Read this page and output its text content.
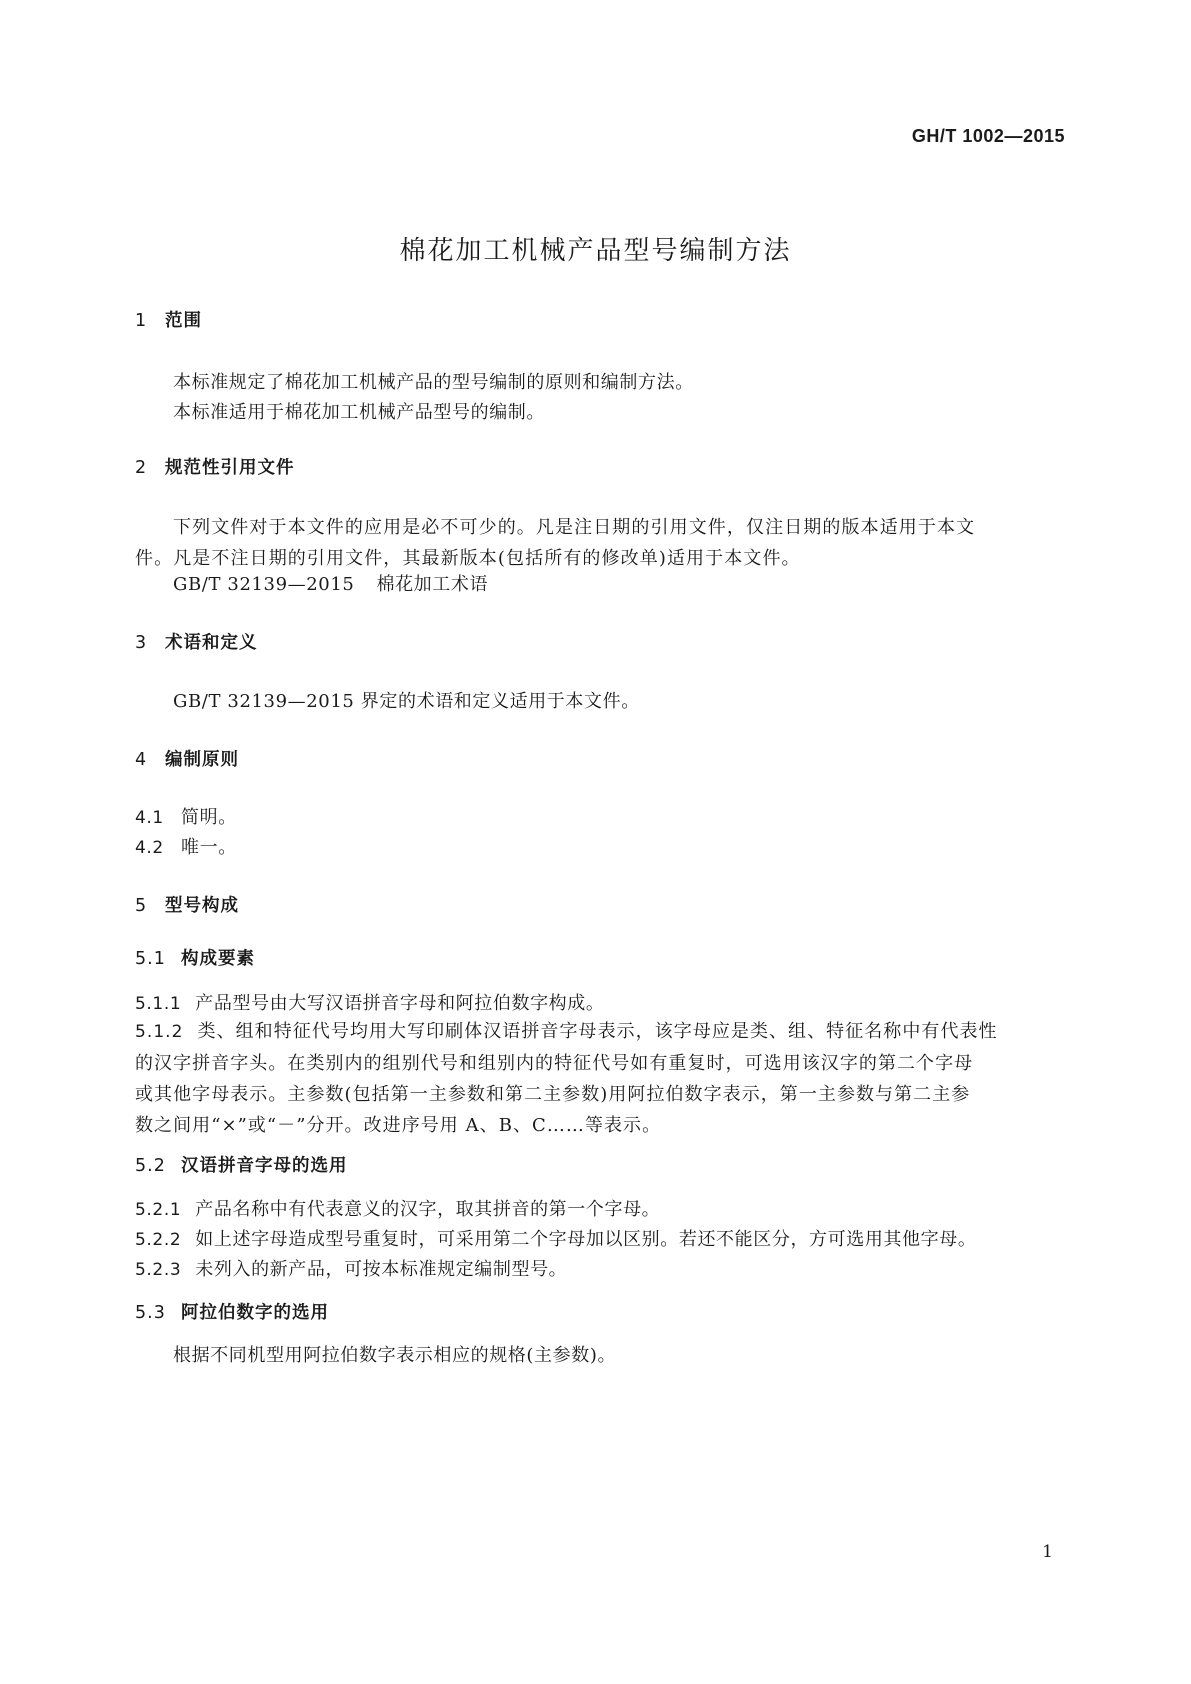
GH/T 1002—2015
棉花加工机械产品型号编制方法
1 范围
本标准规定了棉花加工机械产品的型号编制的原则和编制方法。
本标准适用于棉花加工机械产品型号的编制。
2 规范性引用文件
下列文件对于本文件的应用是必不可少的。凡是注日期的引用文件，仅注日期的版本适用于本文
件。凡是不注日期的引用文件，其最新版本(包括所有的修改单)适用于本文件。
GB/T 32139—2015 棉花加工术语
3 术语和定义
GB/T 32139—2015 界定的术语和定义适用于本文件。
4 编制原则
4.1 简明。
4.2 唯一。
5 型号构成
5.1 构成要素
5.1.1 产品型号由大写汉语拼音字母和阿拉伯数字构成。
5.1.2 类、组和特征代号均用大写印刷体汉语拼音字母表示，该字母应是类、组、特征名称中有代表性
的汉字拼音字头。在类别内的组别代号和组别内的特征代号如有重复时，可选用该汉字的第二个字母
或其他字母表示。主参数(包括第一主参数和第二主参数)用阿拉伯数字表示，第一主参数与第二主参
数之间用“×”或“－”分开。改进序号用 A、B、C……等表示。
5.2 汉语拼音字母的选用
5.2.1 产品名称中有代表意义的汉字，取其拼音的第一个字母。
5.2.2 如上述字母造成型号重复时，可采用第二个字母加以区别。若还不能区分，方可选用其他字母。
5.2.3 未列入的新产品，可按本标准规定编制型号。
5.3 阿拉伯数字的选用
根据不同机型用阿拉伯数字表示相应的规格(主参数)。
1
